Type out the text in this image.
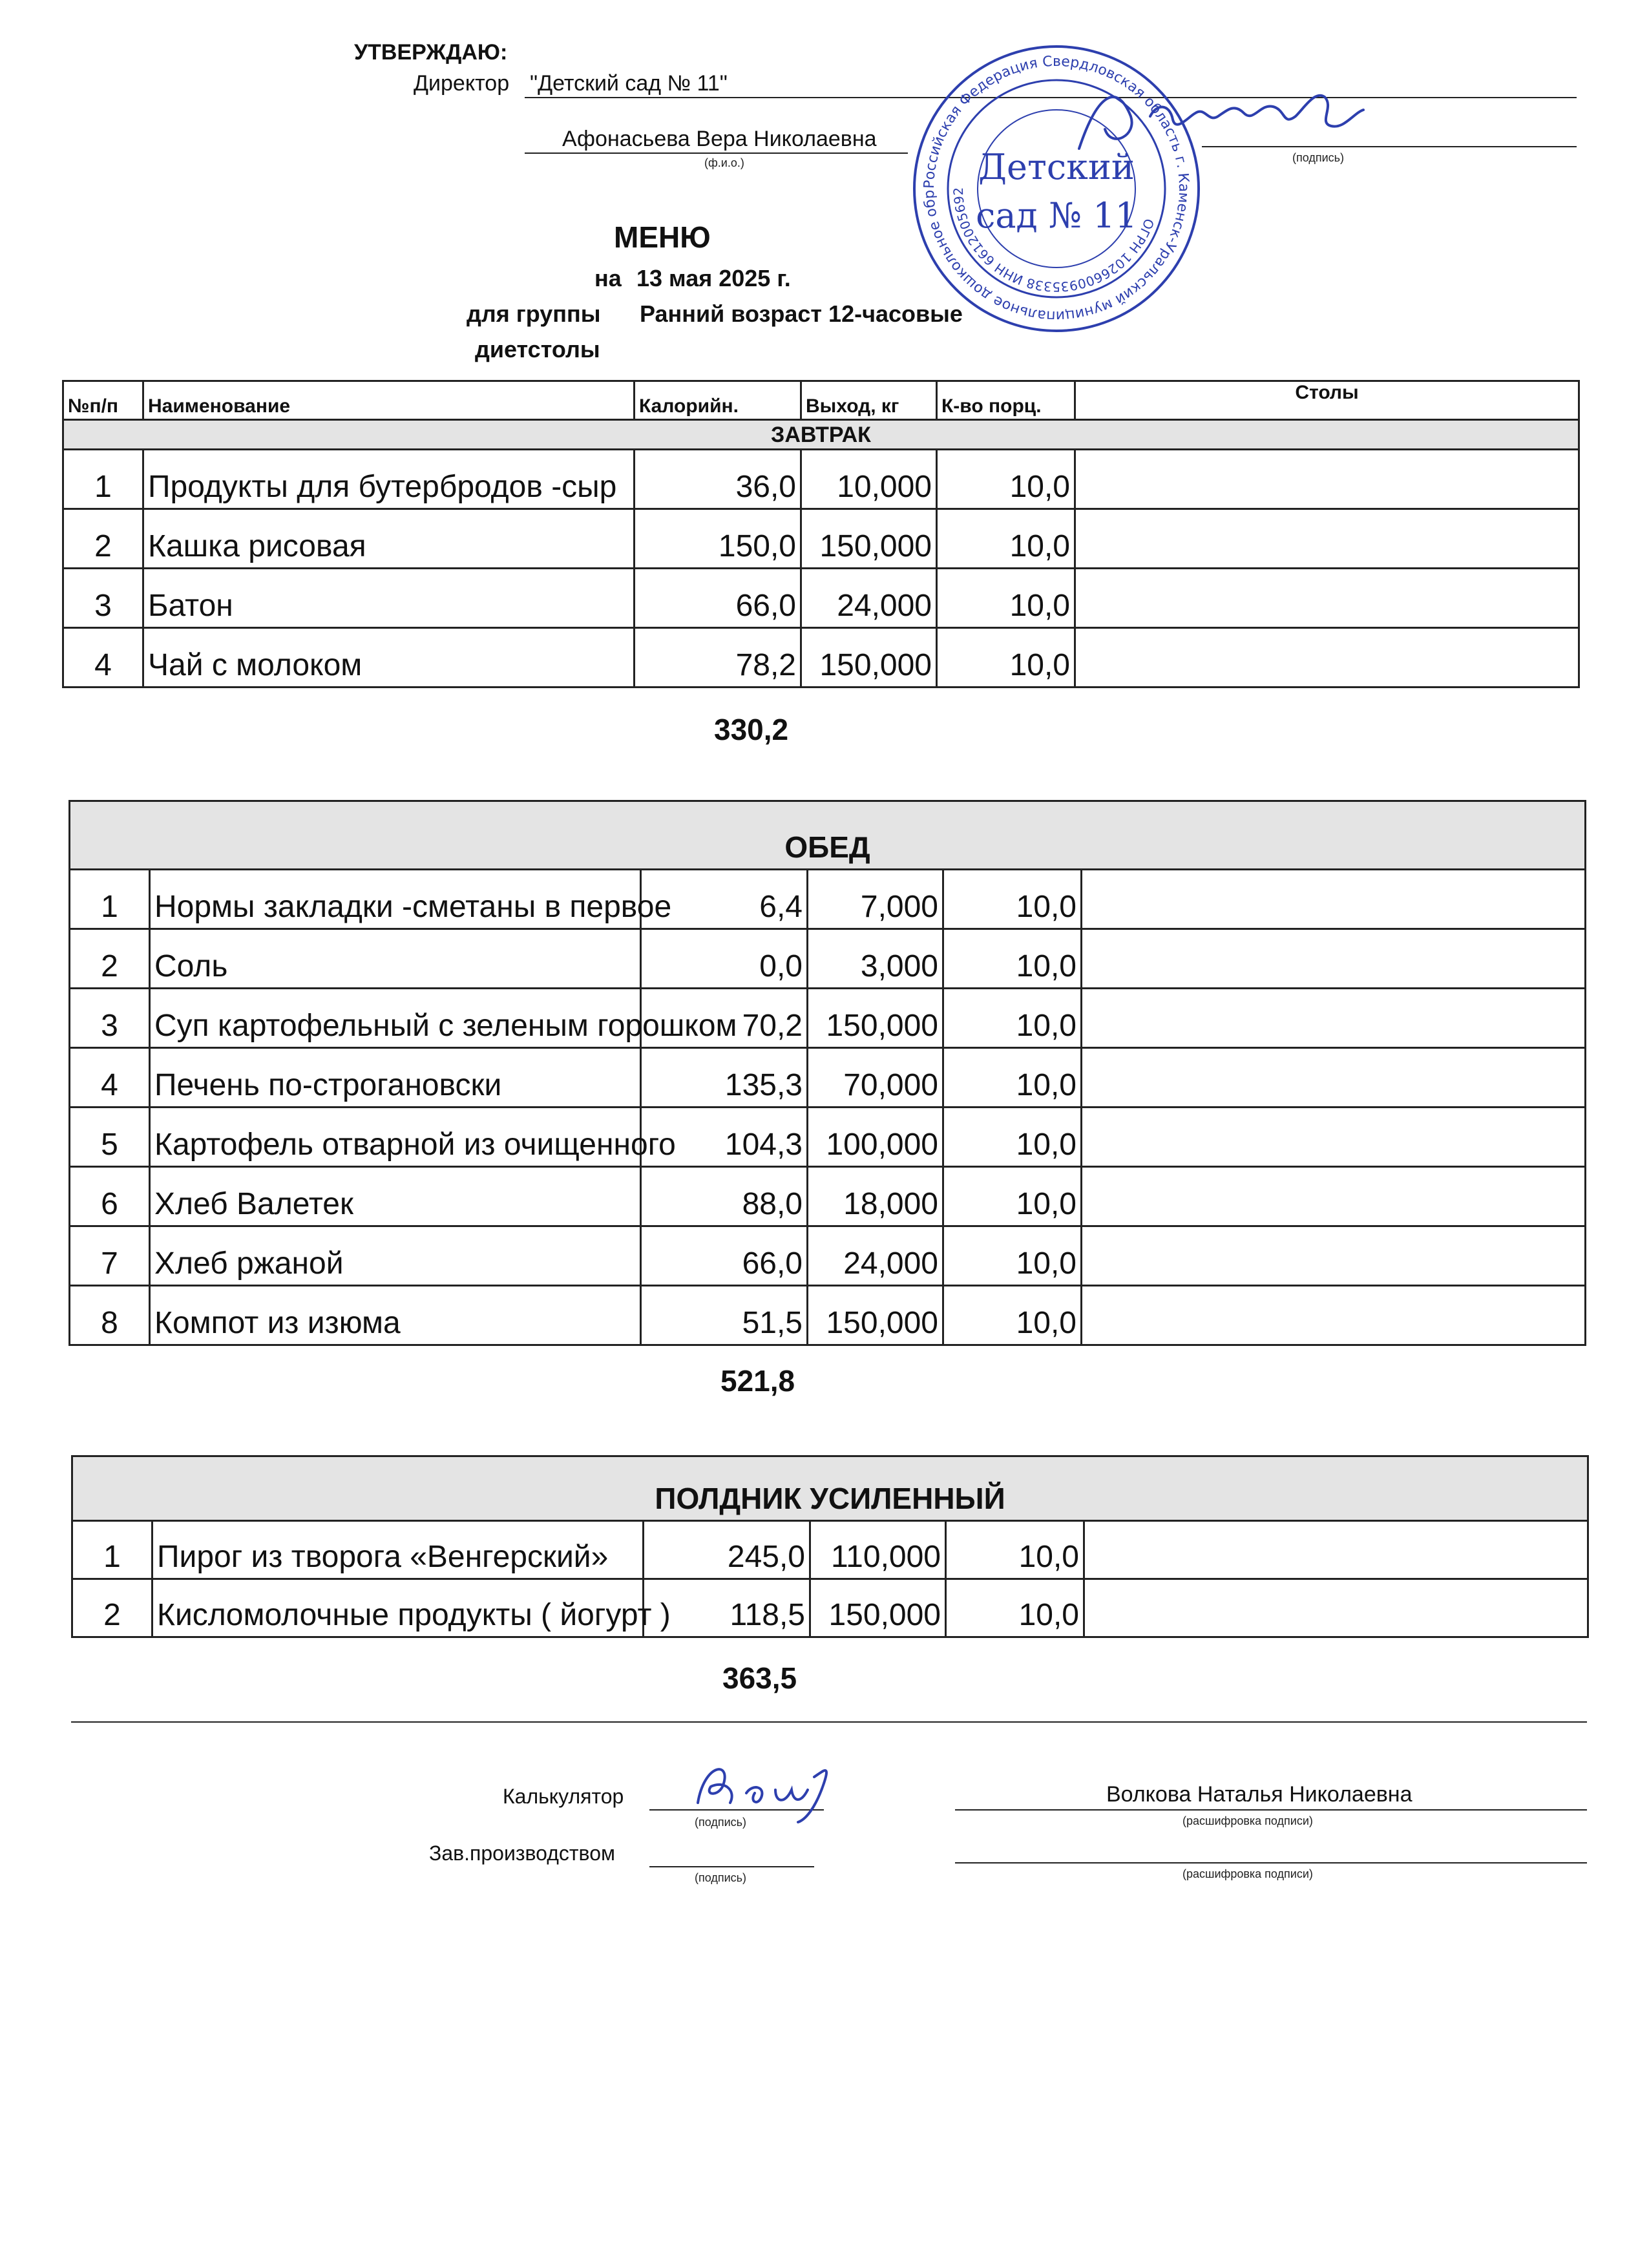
УТВЕРЖДАЮ:
Директор "Детский сад № 11"
Афонасьева Вера Николаевна
(ф.и.о.)	(подпись)
Российская Федерация Свердловская область г. Каменск-Уральский муниципальное дошкольное обр
ОГРН 1026600935338 ИНН 6612005692
Детский
сад № 11
МЕНЮ
на 13 мая 2025 г.
для группы Ранний возраст 12-часовые
диетстолы
№п/п	Наименование	Калорийн.	Выход, кг	К-во порц.	Столы
ЗАВТРАК					
1	Продукты для бутербродов -сыр	36,0	10,000	10,0	
2	Кашка рисовая	150,0	150,000	10,0	
3	Батон	66,0	24,000	10,0	
4	Чай с молоком	78,2	150,000	10,0	
330,2
ОБЕД					
1	Нормы закладки -сметаны в первое	6,4	7,000	10,0	
2	Соль	0,0	3,000	10,0	
3	Суп картофельный с зеленым горошком	70,2	150,000	10,0	
4	Печень по-строгановски	135,3	70,000	10,0	
5	Картофель отварной из очищенного	104,3	100,000	10,0	
6	Хлеб Валетек	88,0	18,000	10,0	
7	Хлеб ржаной	66,0	24,000	10,0	
8	Компот из изюма	51,5	150,000	10,0	
521,8
ПОЛДНИК УСИЛЕННЫЙ					
1	Пирог из творога «Венгерский»	245,0	110,000	10,0	
2	Кислoмолочные продукты ( йогурт )	118,5	150,000	10,0	
363,5
Калькулятор
(подпись)
Волкова Наталья Николаевна
(расшифровка подписи)
Зав.производством
(подпись)	(расшифровка подписи)
